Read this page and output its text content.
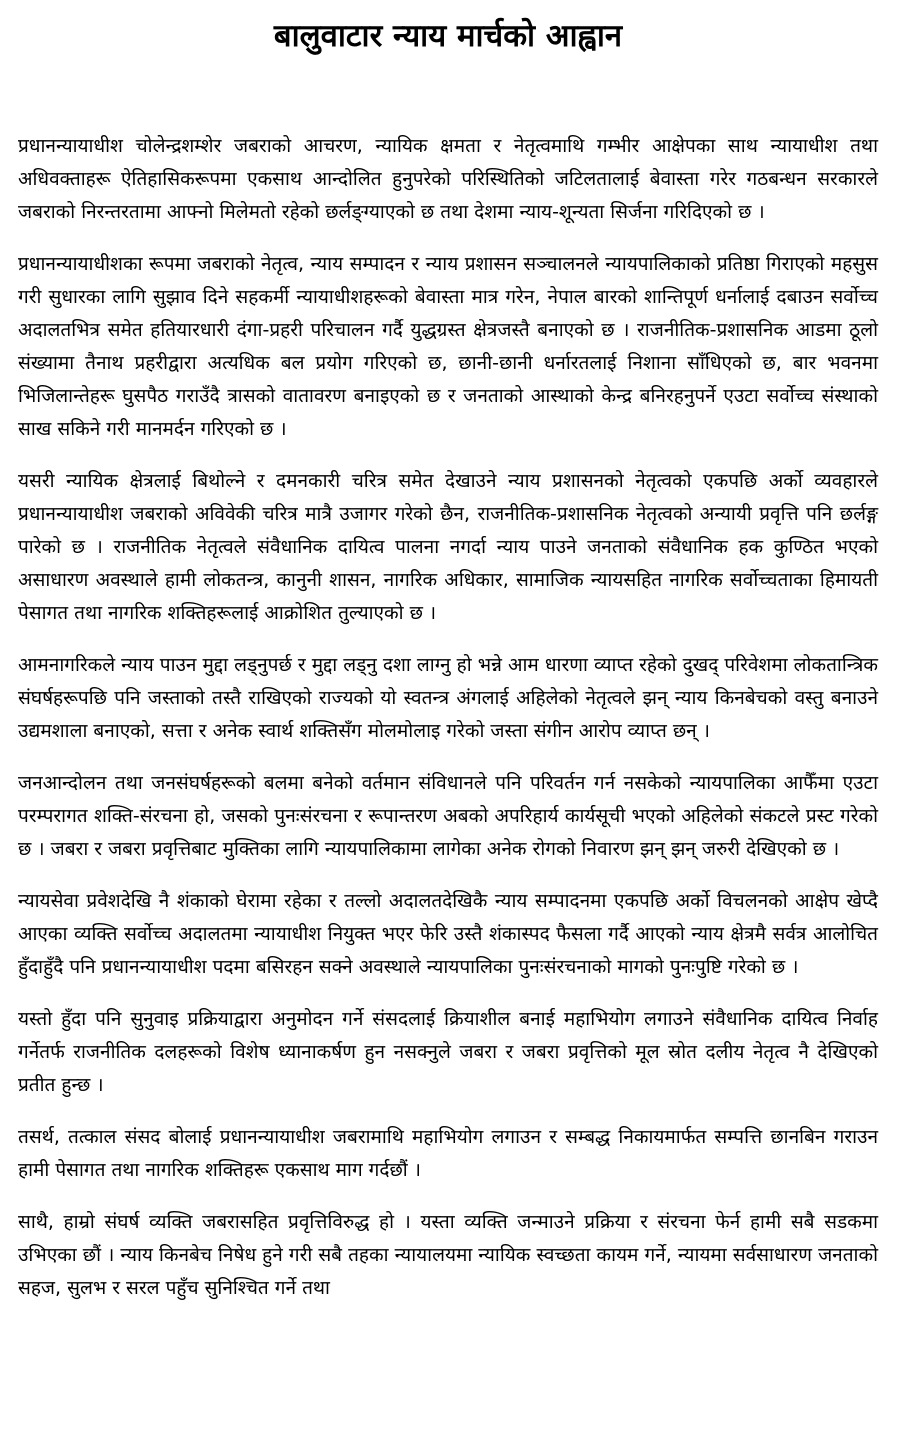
बालुवाटार न्याय मार्चको आह्वान

प्रधानन्यायाधीश चोलेन्द्रशम्शेर जबराको आचरण, न्यायिक क्षमता र नेतृत्वमाथि गम्भीर आक्षेपका साथ न्यायाधीश तथा अधिवक्ताहरू ऐतिहासिकरूपमा एकसाथ आन्दोलित हुनुपरेको परिस्थितिको जटिलतालाई बेवास्ता गरेर गठबन्धन सरकारले जबराको निरन्तरतामा आफ्नो मिलेमतो रहेको छर्लङ्ग्याएको छ तथा देशमा न्याय-शून्यता सिर्जना गरिदिएको छ ।

प्रधानन्यायाधीशका रूपमा जबराको नेतृत्व, न्याय सम्पादन र न्याय प्रशासन सञ्चालनले न्यायपालिकाको प्रतिष्ठा गिराएको महसुस गरी सुधारका लागि सुझाव दिने सहकर्मी न्यायाधीशहरूको बेवास्ता मात्र गरेन, नेपाल बारको शान्तिपूर्ण धर्नालाई दबाउन सर्वोच्च अदालतभित्र समेत हतियारधारी दंगा-प्रहरी परिचालन गर्दै युद्धग्रस्त क्षेत्रजस्तै बनाएको छ । राजनीतिक-प्रशासनिक आडमा ठूलो संख्यामा तैनाथ प्रहरीद्वारा अत्यधिक बल प्रयोग गरिएको छ, छानी-छानी धर्नारतलाई निशाना साँधिएको छ, बार भवनमा भिजिलान्तेहरू घुसपैठ गराउँदै त्रासको वातावरण बनाइएको छ र जनताको आस्थाको केन्द्र बनिरहनुपर्ने एउटा सर्वोच्च संस्थाको साख सकिने गरी मानमर्दन गरिएको छ ।

यसरी न्यायिक क्षेत्रलाई बिथोल्ने र दमनकारी चरित्र समेत देखाउने न्याय प्रशासनको नेतृत्वको एकपछि अर्को व्यवहारले प्रधानन्यायाधीश जबराको अविवेकी चरित्र मात्रै उजागर गरेको छैन, राजनीतिक-प्रशासनिक नेतृत्वको अन्यायी प्रवृत्ति पनि छर्लङ्ग पारेको छ । राजनीतिक नेतृत्वले संवैधानिक दायित्व पालना नगर्दा न्याय पाउने जनताको संवैधानिक हक कुण्ठित भएको असाधारण अवस्थाले हामी लोकतन्त्र, कानुनी शासन, नागरिक अधिकार, सामाजिक न्यायसहित नागरिक सर्वोच्चताका हिमायती पेसागत तथा नागरिक शक्तिहरूलाई आक्रोशित तुल्याएको छ ।

आमनागरिकले न्याय पाउन मुद्दा लड्नुपर्छ र मुद्दा लड्नु दशा लाग्नु हो भन्ने आम धारणा व्याप्त रहेको दुखद् परिवेशमा लोकतान्त्रिक संघर्षहरूपछि पनि जस्ताको तस्तै राखिएको राज्यको यो स्वतन्त्र अंगलाई अहिलेको नेतृत्वले झन् न्याय किनबेचको वस्तु बनाउने उद्यमशाला बनाएको, सत्ता र अनेक स्वार्थ शक्तिसँग मोलमोलाइ गरेको जस्ता संगीन आरोप व्याप्त छन् ।

जनआन्दोलन तथा जनसंघर्षहरूको बलमा बनेको वर्तमान संविधानले पनि परिवर्तन गर्न नसकेको न्यायपालिका आफैँमा एउटा परम्परागत शक्ति-संरचना हो, जसको पुनःसंरचना र रूपान्तरण अबको अपरिहार्य कार्यसूची भएको अहिलेको संकटले प्रस्ट गरेको छ । जबरा र जबरा प्रवृत्तिबाट मुक्तिका लागि न्यायपालिकामा लागेका अनेक रोगको निवारण झन् झन् जरुरी देखिएको छ ।

न्यायसेवा प्रवेशदेखि नै शंकाको घेरामा रहेका र तल्लो अदालतदेखिकै न्याय सम्पादनमा एकपछि अर्को विचलनको आक्षेप खेप्दै आएका व्यक्ति सर्वोच्च अदालतमा न्यायाधीश नियुक्त भएर फेरि उस्तै शंकास्पद फैसला गर्दै आएको न्याय क्षेत्रमै सर्वत्र आलोचित हुँदाहुँदै पनि प्रधानन्यायाधीश पदमा बसिरहन सक्ने अवस्थाले न्यायपालिका पुनःसंरचनाको मागको पुनःपुष्टि गरेको छ ।

यस्तो हुँदा पनि सुनुवाइ प्रक्रियाद्वारा अनुमोदन गर्ने संसदलाई क्रियाशील बनाई महाभियोग लगाउने संवैधानिक दायित्व निर्वाह गर्नेतर्फ राजनीतिक दलहरूको विशेष ध्यानाकर्षण हुन नसक्नुले जबरा र जबरा प्रवृत्तिको मूल स्रोत दलीय नेतृत्व नै देखिएको प्रतीत हुन्छ ।

तसर्थ, तत्काल संसद बोलाई प्रधानन्यायाधीश जबरामाथि महाभियोग लगाउन र सम्बद्ध निकायमार्फत सम्पत्ति छानबिन गराउन हामी पेसागत तथा नागरिक शक्तिहरू एकसाथ माग गर्दछौं ।

साथै, हाम्रो संघर्ष व्यक्ति जबरासहित प्रवृत्तिविरुद्ध हो । यस्ता व्यक्ति जन्माउने प्रक्रिया र संरचना फेर्न हामी सबै सडकमा उभिएका छौं । न्याय किनबेच निषेध हुने गरी सबै तहका न्यायालयमा न्यायिक स्वच्छता कायम गर्ने, न्यायमा सर्वसाधारण जनताको सहज, सुलभ र सरल पहुँच सुनिश्चित गर्ने तथा
